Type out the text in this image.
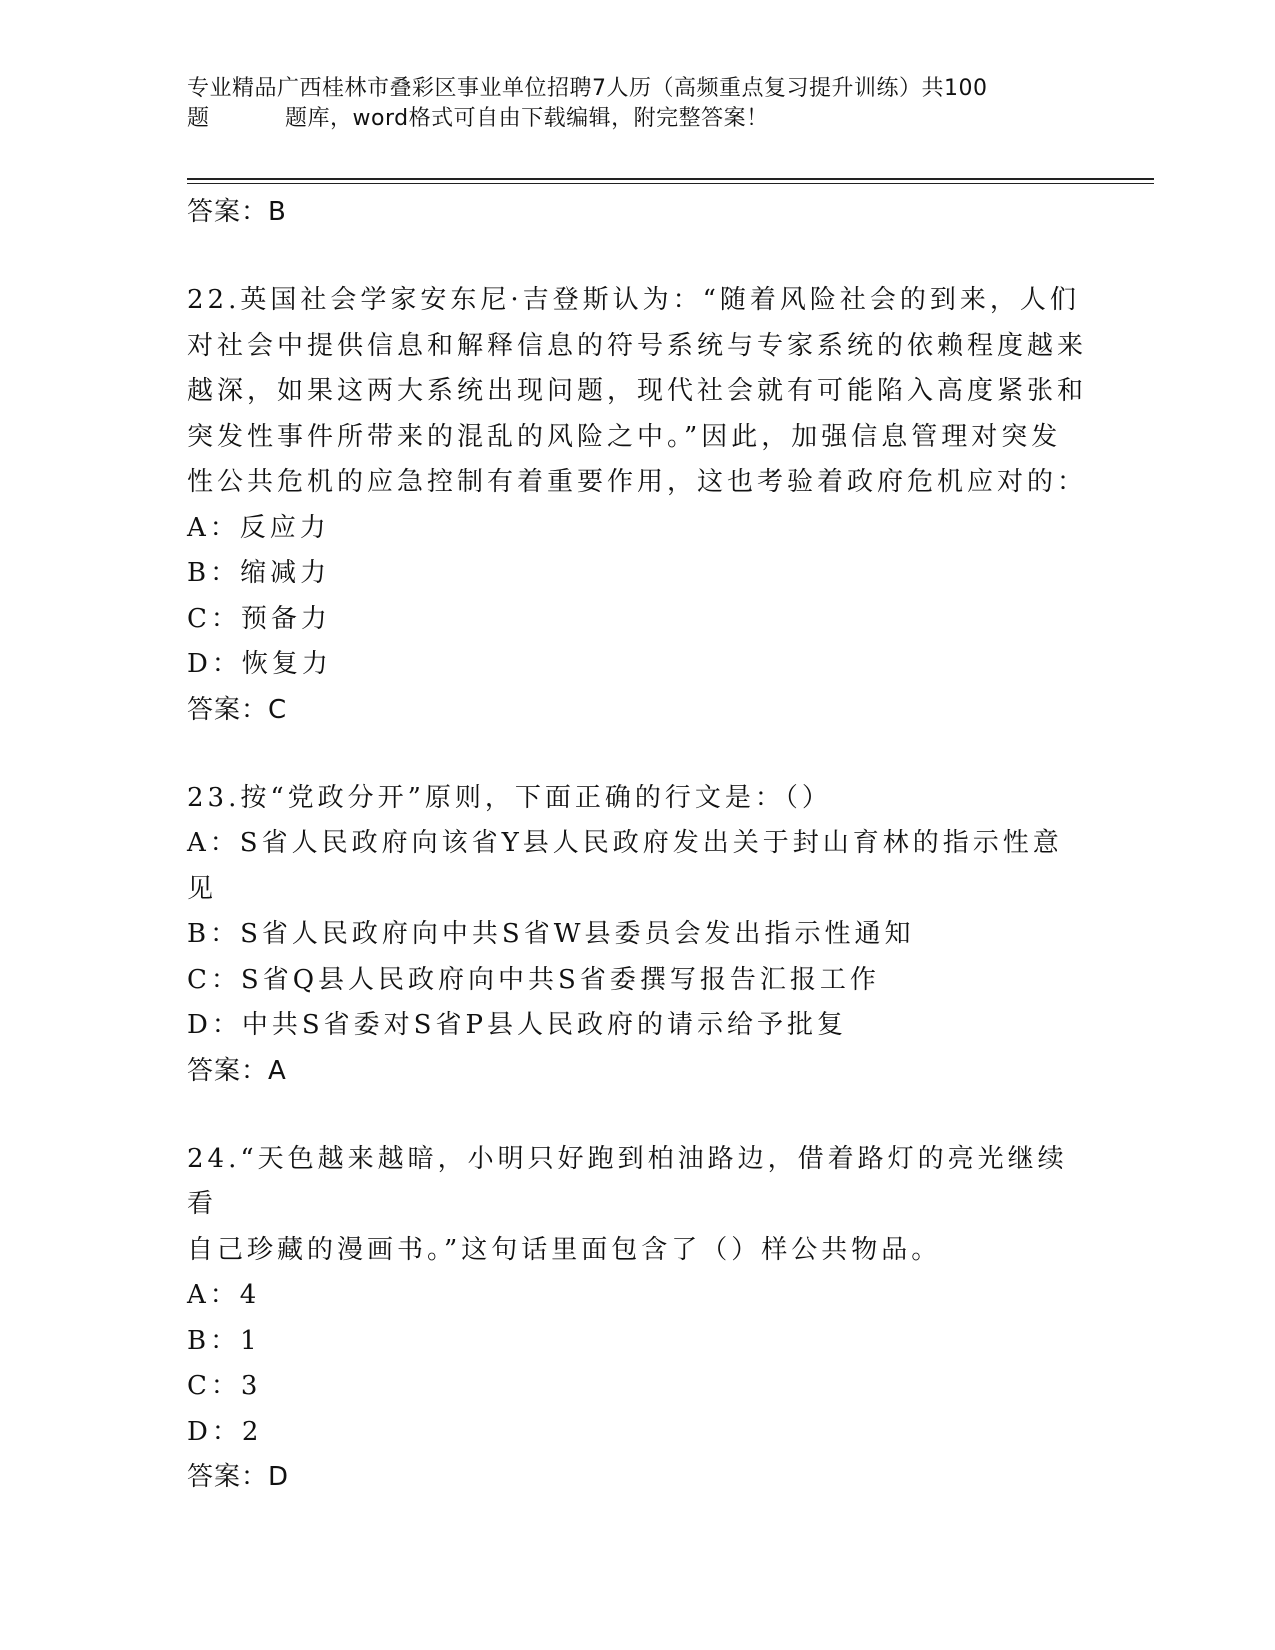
专业精品广西桂林市叠彩区事业单位招聘7人历（高频重点复习提升训练）共100
题	题库，word格式可自由下载编辑，附完整答案！
答案：B

22.英国社会学家安东尼·吉登斯认为：“随着风险社会的到来，人们

对社会中提供信息和解释信息的符号系统与专家系统的依赖程度越来

越深，如果这两大系统出现问题，现代社会就有可能陷入高度紧张和

突发性事件所带来的混乱的风险之中。”因此，加强信息管理对突发

性公共危机的应急控制有着重要作用，这也考验着政府危机应对的：

A：反应力

B：缩减力

C：预备力

D：恢复力

答案：C

23.按“党政分开”原则，下面正确的行文是：（）

A：S省人民政府向该省Y县人民政府发出关于封山育林的指示性意见

B：S省人民政府向中共S省W县委员会发出指示性通知

C：S省Q县人民政府向中共S省委撰写报告汇报工作

D：中共S省委对S省P县人民政府的请示给予批复

答案：A

24.“天色越来越暗，小明只好跑到柏油路边，借着路灯的亮光继续看

自己珍藏的漫画书。”这句话里面包含了（）样公共物品。

A：4

B：1

C：3

D：2

答案：D
